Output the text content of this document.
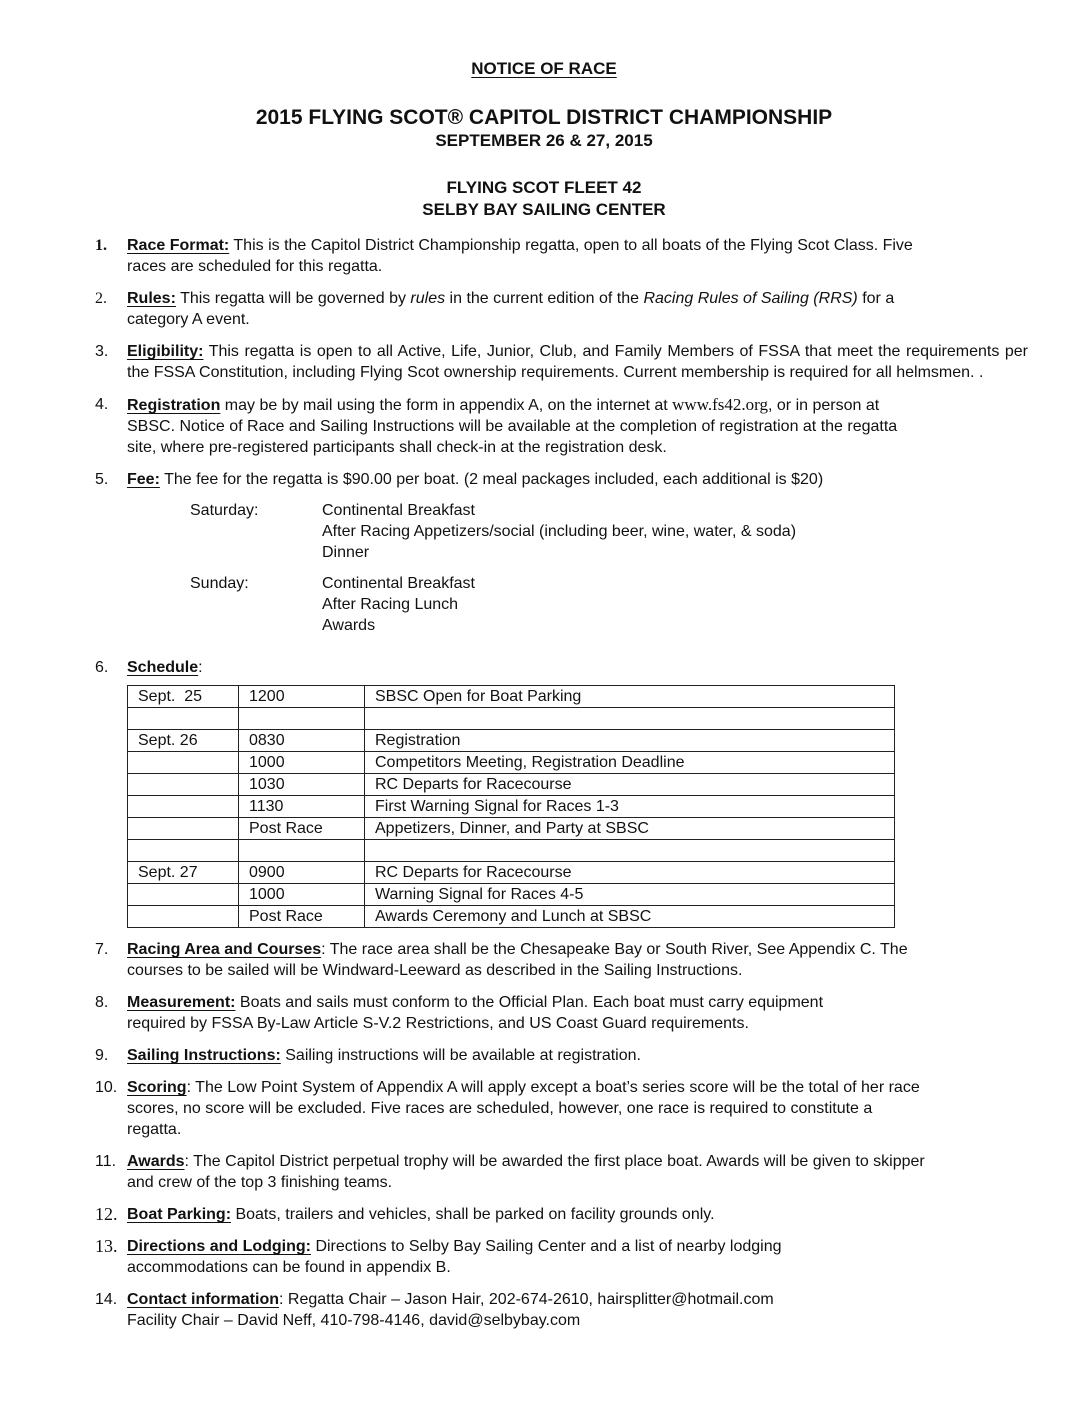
NOTICE OF RACE
2015 FLYING SCOT® CAPITOL DISTRICT CHAMPIONSHIP
SEPTEMBER 26 & 27, 2015
FLYING SCOT FLEET 42
SELBY BAY SAILING CENTER
1.	Race Format: This is the Capitol District Championship regatta, open to all boats of the Flying Scot Class. Five
races are scheduled for this regatta.
2.	Rules: This regatta will be governed by rules in the current edition of the Racing Rules of Sailing (RRS) for a
category A event.
3.	Eligibility: This regatta is open to all Active, Life, Junior, Club, and Family Members of FSSA that meet the requirements per the FSSA Constitution, including Flying Scot ownership requirements. Current membership is required for all helmsmen. .
4.	Registration may be by mail using the form in appendix A, on the internet at www.fs42.org, or in person at
SBSC. Notice of Race and Sailing Instructions will be available at the completion of registration at the regatta
site, where pre-registered participants shall check-in at the registration desk.
5.	Fee: The fee for the regatta is $90.00 per boat. (2 meal packages included, each additional is $20)
Saturday:	Continental Breakfast
After Racing Appetizers/social (including beer, wine, water, & soda)
Dinner
Sunday:	Continental Breakfast
After Racing Lunch
Awards
6.	Schedule:
Sept.  25	1200	SBSC Open for Boat Parking

Sept. 26	0830	Registration
	1000	Competitors Meeting, Registration Deadline
	1030	RC Departs for Racecourse
	1130	First Warning Signal for Races 1-3
	Post Race	Appetizers, Dinner, and Party at SBSC

Sept. 27	0900	RC Departs for Racecourse
	1000	Warning Signal for Races 4-5
	Post Race	Awards Ceremony and Lunch at SBSC
7.	Racing Area and Courses: The race area shall be the Chesapeake Bay or South River, See Appendix C. The
courses to be sailed will be Windward-Leeward as described in the Sailing Instructions.
8.	Measurement: Boats and sails must conform to the Official Plan. Each boat must carry equipment
required by FSSA By-Law Article S-V.2 Restrictions, and US Coast Guard requirements.
9.	Sailing Instructions: Sailing instructions will be available at registration.
10. Scoring: The Low Point System of Appendix A will apply except a boat’s series score will be the total of her race
scores, no score will be excluded. Five races are scheduled, however, one race is required to constitute a
regatta.
11. Awards: The Capitol District perpetual trophy will be awarded the first place boat. Awards will be given to skipper
and crew of the top 3 finishing teams.
12. Boat Parking: Boats, trailers and vehicles, shall be parked on facility grounds only.
13. Directions and Lodging: Directions to Selby Bay Sailing Center and a list of nearby lodging
accommodations can be found in appendix B.
14. Contact information: Regatta Chair – Jason Hair, 202-674-2610, hairsplitter@hotmail.com
Facility Chair – David Neff, 410-798-4146, david@selbybay.com
